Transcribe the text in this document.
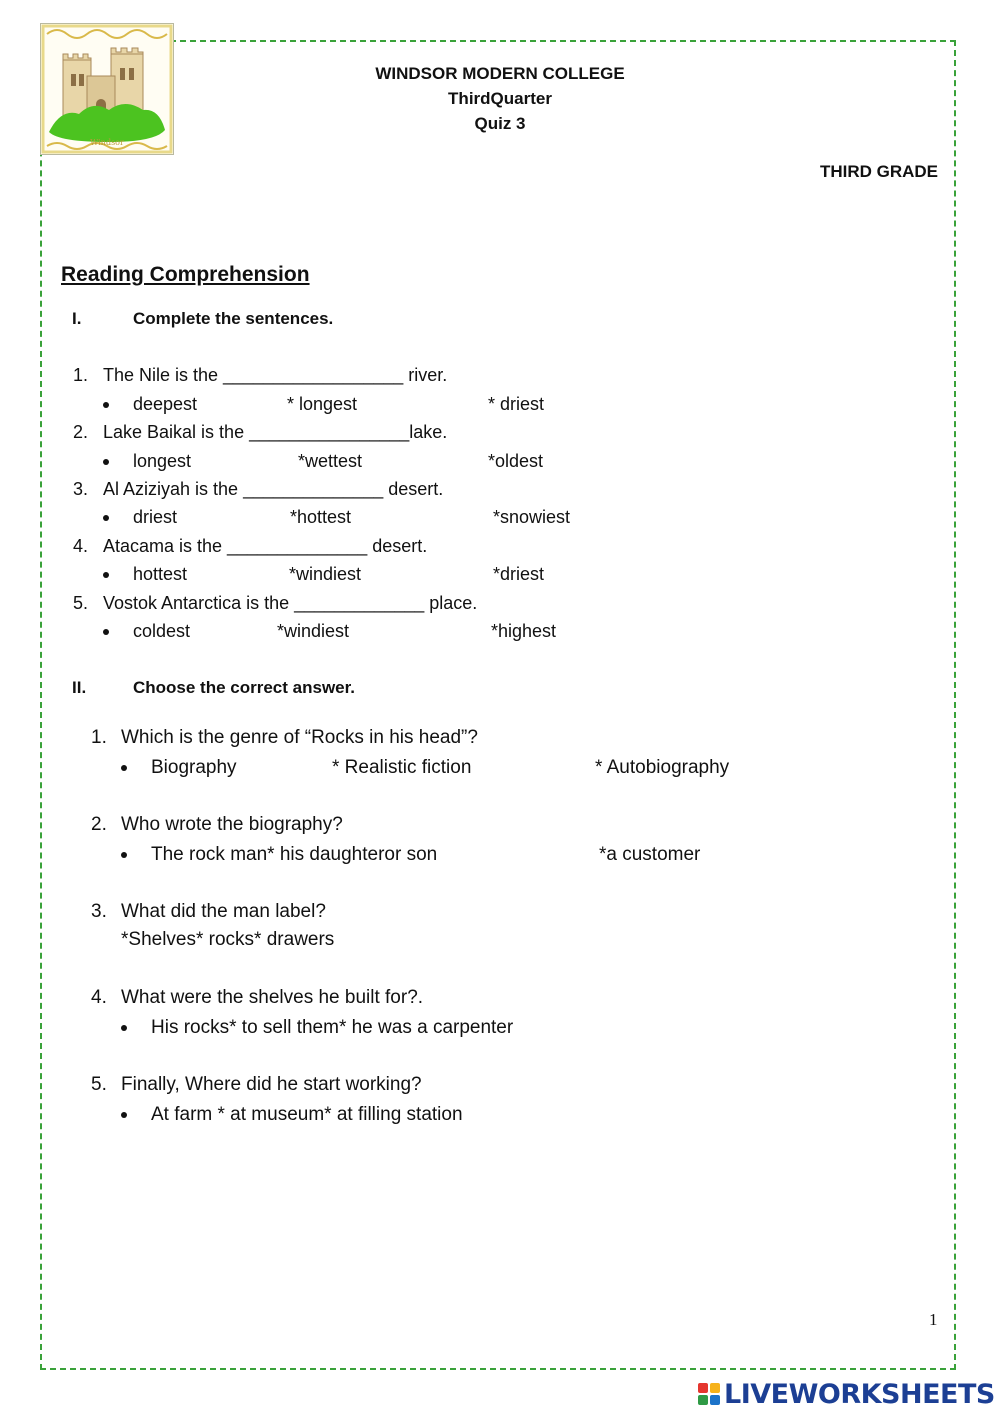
Windsor
WINDSOR MODERN COLLEGE
ThirdQuarter
Quiz 3
THIRD GRADE
Reading Comprehension
I.	Complete the sentences.
1. The Nile is the __________________ river.
deepest	* longest	* driest
2. Lake Baikal is the ________________lake.
longest	*wettest	*oldest
3. Al Aziziyah is the ______________ desert.
driest	*hottest	*snowiest
4. Atacama is the ______________ desert.
hottest	*windiest	*driest
5. Vostok Antarctica is the _____________ place.
coldest	*windiest	*highest
II.	Choose the correct answer.
1. Which is the genre of “Rocks in his head”?
Biography	* Realistic fiction	* Autobiography
2. Who wrote the biography?
The rock man* his daughteror son	*a customer
3. What did the man label?
*Shelves* rocks* drawers
4. What were the shelves he built for?.
His rocks* to sell them* he was a carpenter
5. Finally, Where did he start working?
At farm * at museum* at filling station
1
LIVEWORKSHEETS
